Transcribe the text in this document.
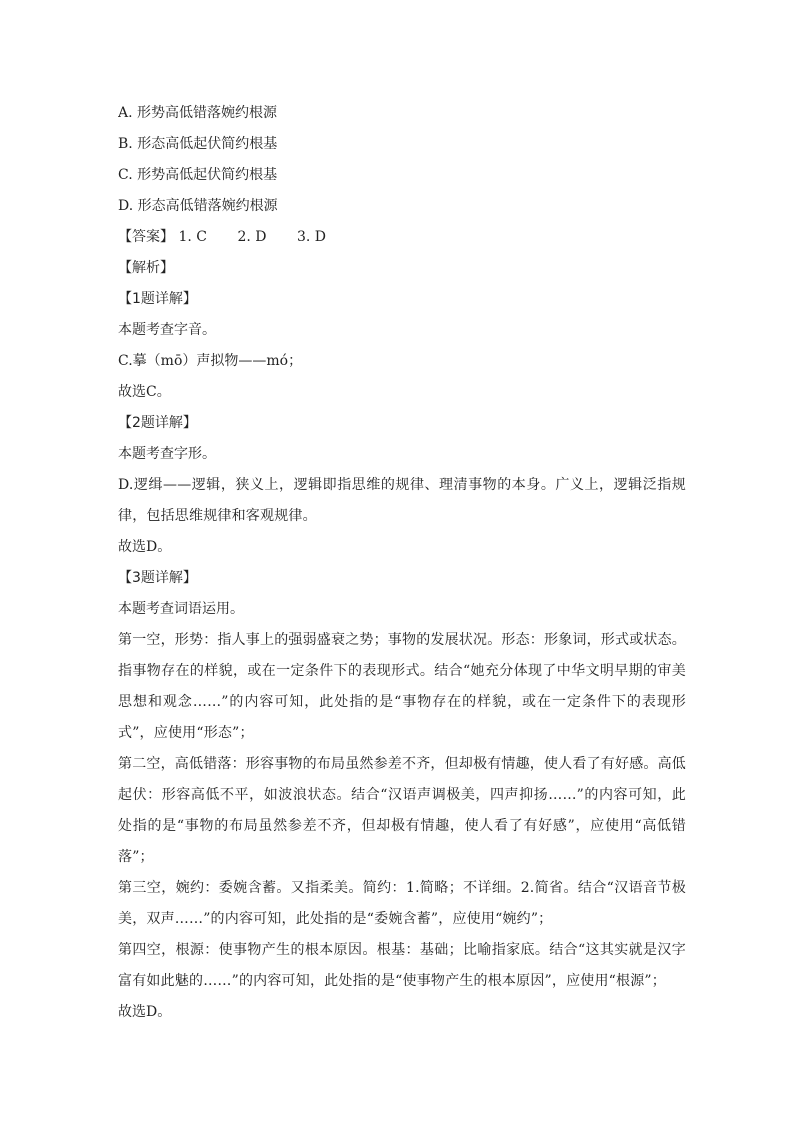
A. 形势高低错落婉约根源
B. 形态高低起伏简约根基
C. 形势高低起伏简约根基
D. 形态高低错落婉约根源
【答案】 1. C 2. D 3. D
【解析】
【1题详解】
本题考查字音。
C.摹（mō）声拟物——mó；
故选C。
【2题详解】
本题考查字形。
D.逻缉——逻辑，狭义上，逻辑即指思维的规律、理清事物的本身。广义上，逻辑泛指规律，包括思维规律和客观规律。
故选D。
【3题详解】
本题考查词语运用。
第一空，形势：指人事上的强弱盛衰之势；事物的发展状况。形态：形象词，形式或状态。指事物存在的样貌，或在一定条件下的表现形式。结合“她充分体现了中华文明早期的审美思想和观念……”的内容可知，此处指的是“事物存在的样貌，或在一定条件下的表现形式”，应使用“形态”；
第二空，高低错落：形容事物的布局虽然参差不齐，但却极有情趣，使人看了有好感。高低起伏：形容高低不平，如波浪状态。结合“汉语声调极美，四声抑扬……”的内容可知，此处指的是“事物的布局虽然参差不齐，但却极有情趣，使人看了有好感”，应使用“高低错落”；
第三空，婉约：委婉含蓄。又指柔美。简约：1.简略；不详细。2.简省。结合“汉语音节极美，双声……”的内容可知，此处指的是“委婉含蓄”，应使用“婉约”；
第四空，根源：使事物产生的根本原因。根基：基础；比喻指家底。结合“这其实就是汉字富有如此魅的……”的内容可知，此处指的是“使事物产生的根本原因”，应使用“根源”；
故选D。
